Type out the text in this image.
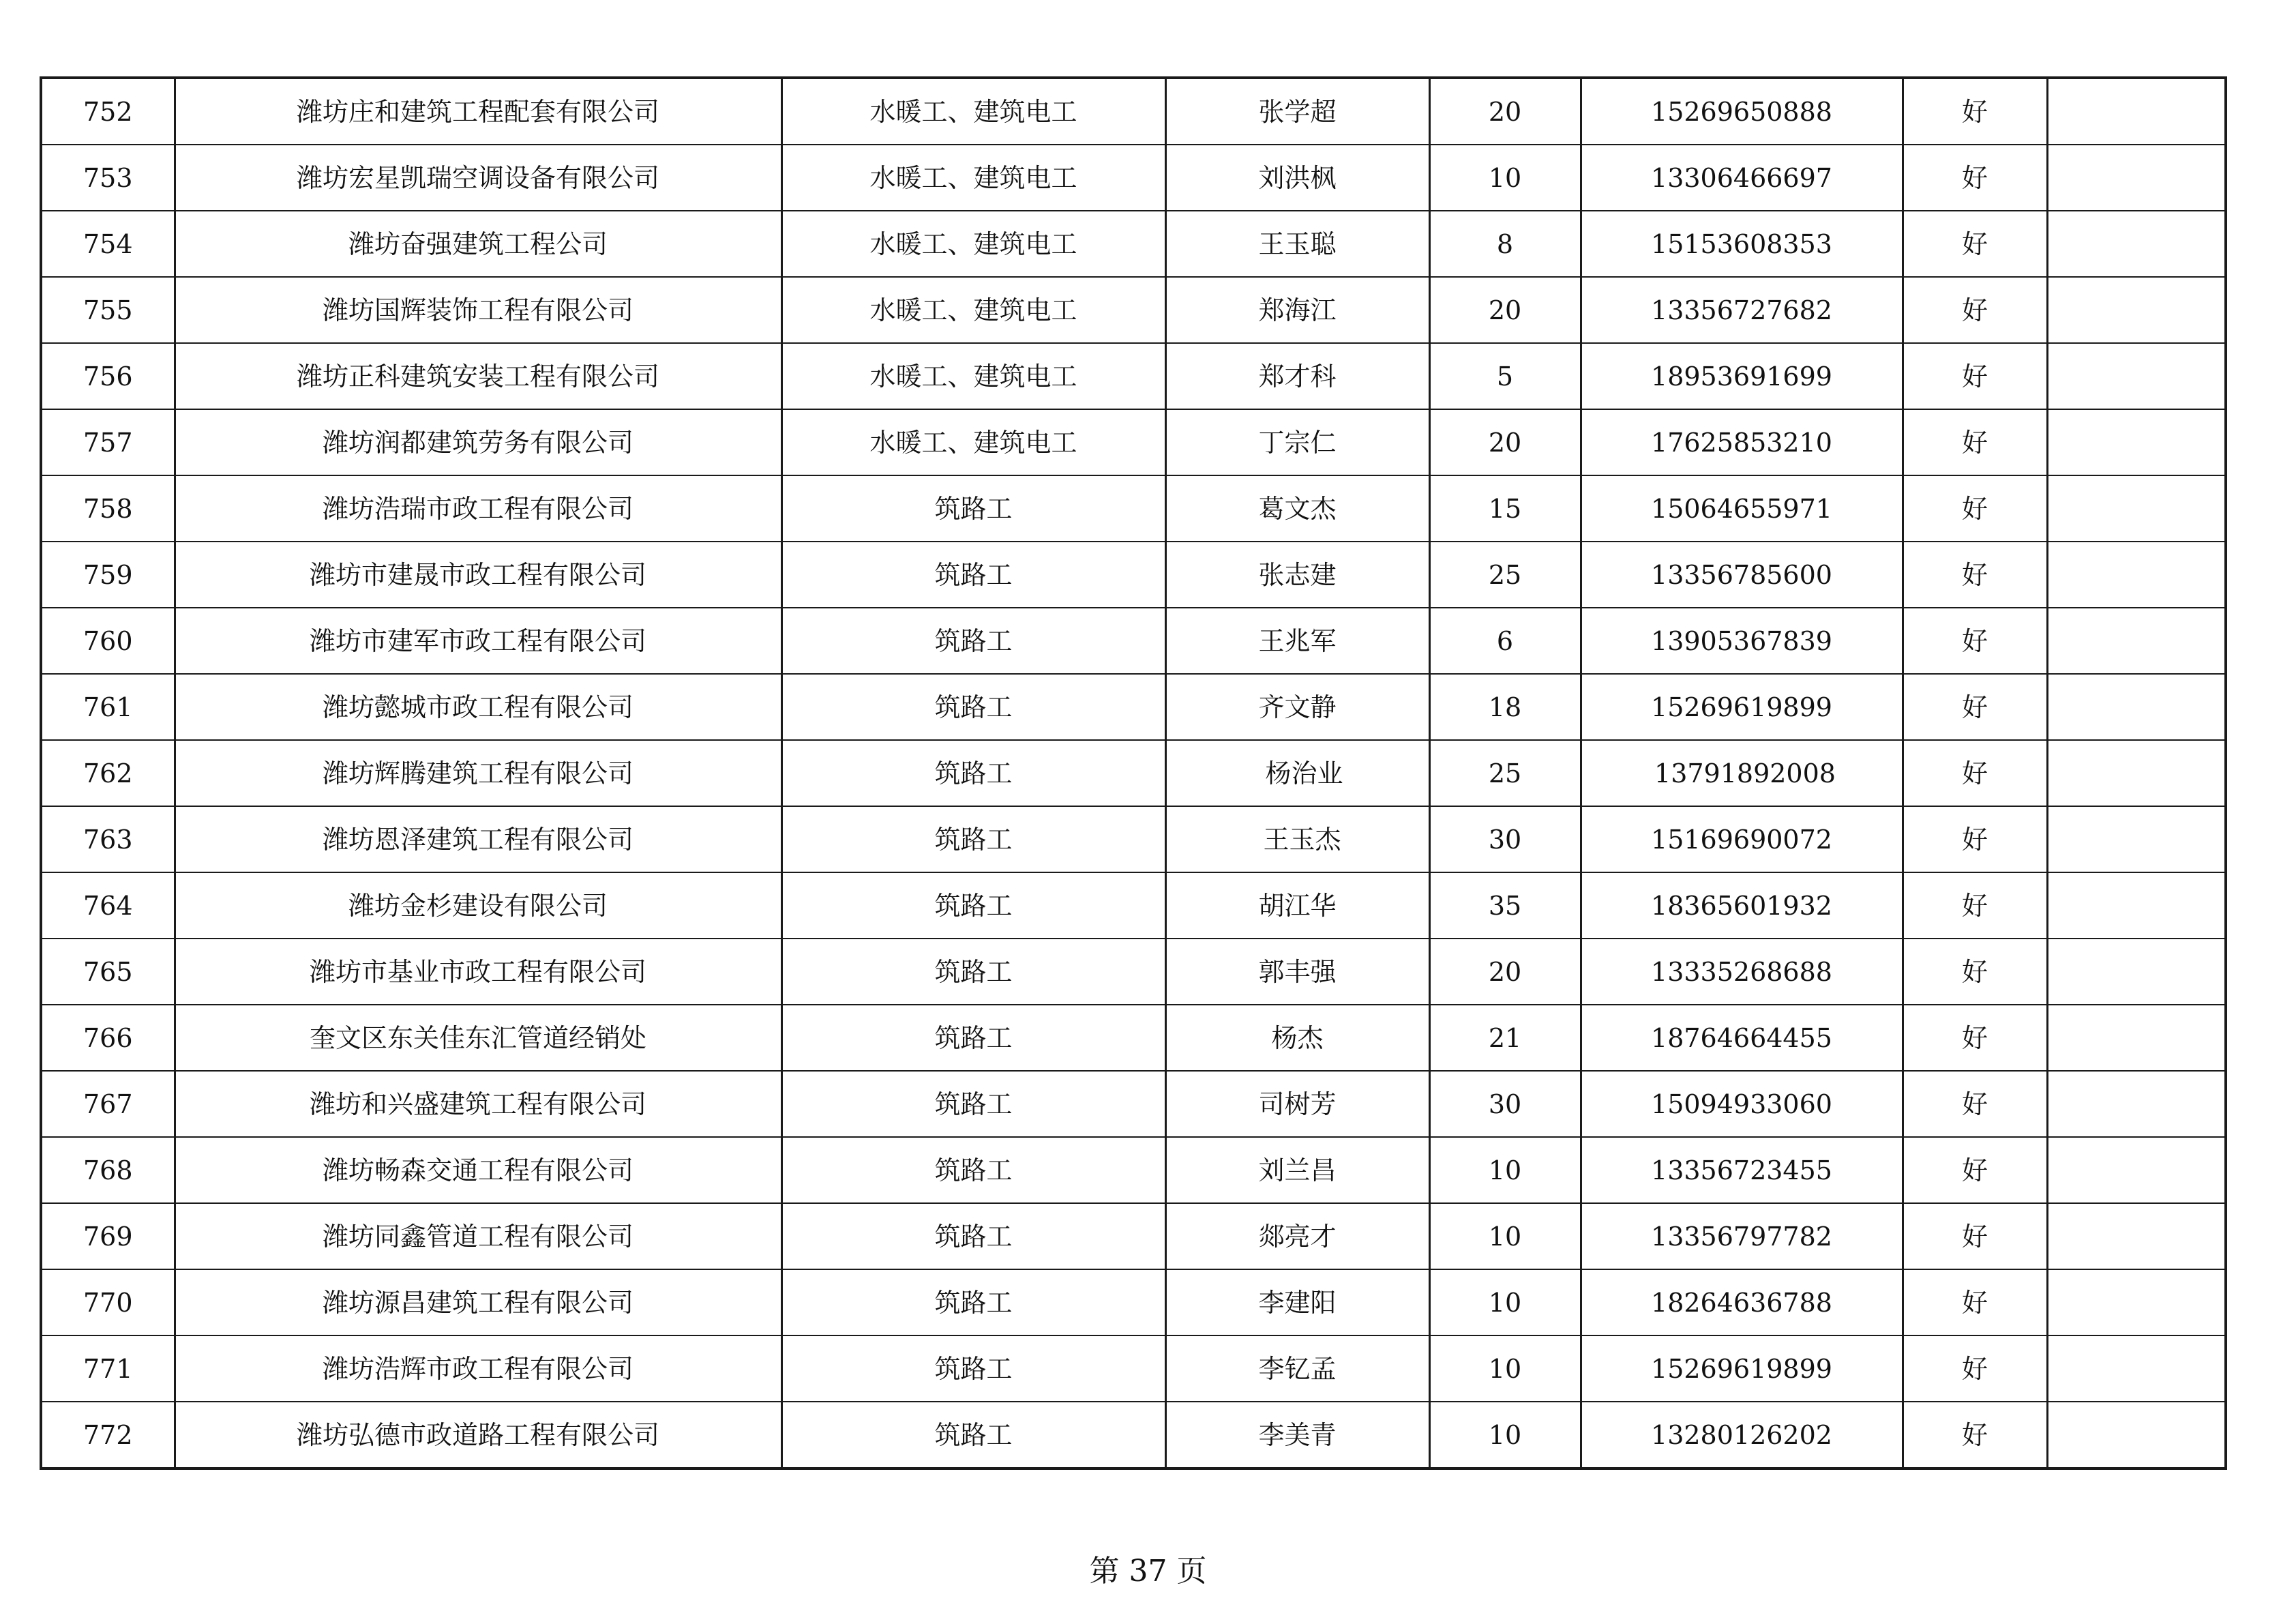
752	潍坊庄和建筑工程配套有限公司	水暖工、建筑电工	张学超	20	15269650888	好	
753	潍坊宏星凯瑞空调设备有限公司	水暖工、建筑电工	刘洪枫	10	13306466697	好	
754	潍坊奋强建筑工程公司	水暖工、建筑电工	王玉聪	8	15153608353	好	
755	潍坊国辉装饰工程有限公司	水暖工、建筑电工	郑海江	20	13356727682	好	
756	潍坊正科建筑安装工程有限公司	水暖工、建筑电工	郑才科	5	18953691699	好	
757	潍坊润都建筑劳务有限公司	水暖工、建筑电工	丁宗仁	20	17625853210	好	
758	潍坊浩瑞市政工程有限公司	筑路工	葛文杰	15	15064655971	好	
759	潍坊市建晟市政工程有限公司	筑路工	张志建	25	13356785600	好	
760	潍坊市建军市政工程有限公司	筑路工	王兆军	6	13905367839	好	
761	潍坊懿城市政工程有限公司	筑路工	齐文静	18	15269619899	好	
762	潍坊辉腾建筑工程有限公司	筑路工	杨治业	25	13791892008	好	
763	潍坊恩泽建筑工程有限公司	筑路工	王玉杰	30	15169690072	好	
764	潍坊金杉建设有限公司	筑路工	胡江华	35	18365601932	好	
765	潍坊市基业市政工程有限公司	筑路工	郭丰强	20	13335268688	好	
766	奎文区东关佳东汇管道经销处	筑路工	杨杰	21	18764664455	好	
767	潍坊和兴盛建筑工程有限公司	筑路工	司树芳	30	15094933060	好	
768	潍坊畅森交通工程有限公司	筑路工	刘兰昌	10	13356723455	好	
769	潍坊同鑫管道工程有限公司	筑路工	郯亮才	10	13356797782	好	
770	潍坊源昌建筑工程有限公司	筑路工	李建阳	10	18264636788	好	
771	潍坊浩辉市政工程有限公司	筑路工	李钇孟	10	15269619899	好	
772	潍坊弘德市政道路工程有限公司	筑路工	李美青	10	13280126202	好	
第 37 页
